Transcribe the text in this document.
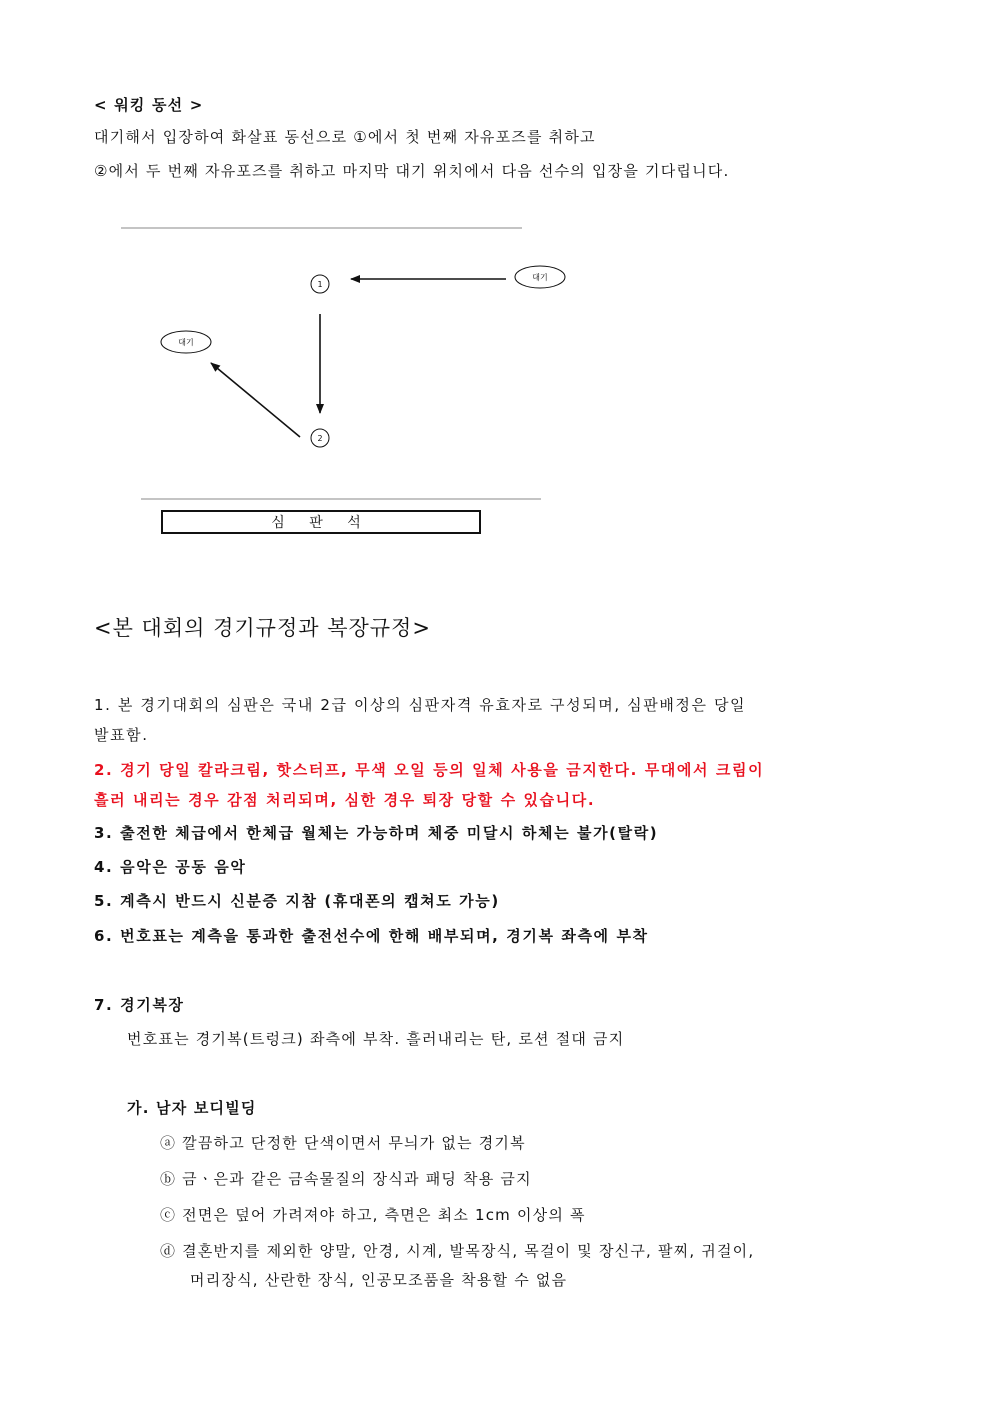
< 워킹 동선 >
대기해서 입장하여 화살표 동선으로 ①에서 첫 번째 자유포즈를 취하고
②에서 두 번째 자유포즈를 취하고 마지막 대기 위치에서 다음 선수의 입장을 기다립니다.
대기
대기
1
2
심 판 석
<본 대회의 경기규정과 복장규정>
1. 본 경기대회의 심판은 국내 2급 이상의 심판자격 유효자로 구성되며, 심판배정은 당일
발표함.
2. 경기 당일 칼라크림, 핫스터프, 무색 오일 등의 일체 사용을 금지한다. 무대에서 크림이
흘러 내리는 경우 감점 처리되며, 심한 경우 퇴장 당할 수 있습니다.
3. 출전한 체급에서 한체급 월체는 가능하며 체중 미달시 하체는 불가(탈락)
4. 음악은 공동 음악
5. 계측시 반드시 신분증 지참 (휴대폰의 캡쳐도 가능)
6. 번호표는 계측을 통과한 출전선수에 한해 배부되며, 경기복 좌측에 부착
7. 경기복장
번호표는 경기복(트렁크) 좌측에 부착. 흘러내리는 탄, 로션 절대 금지
가. 남자 보디빌딩
ⓐ 깔끔하고 단정한 단색이면서 무늬가 없는 경기복
ⓑ 금ㆍ은과 같은 금속물질의 장식과 패딩 착용 금지
ⓒ 전면은 덮어 가려져야 하고, 측면은 최소 1cm 이상의 폭
ⓓ 결혼반지를 제외한 양말, 안경, 시계, 발목장식, 목걸이 및 장신구, 팔찌, 귀걸이,
머리장식, 산란한 장식, 인공모조품을 착용할 수 없음
